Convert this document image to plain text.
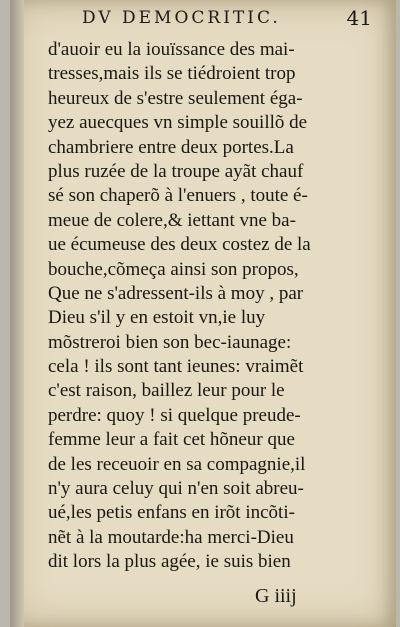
DV DEMOCRITIC.	41
d'auoir eu la iouïssance des mai-
tresses,mais ils se tiédroient trop
heureux de s'estre seulement éga-
yez auecques vn simple souillõ de
chambriere entre deux portes.La
plus ruzée de la troupe ayãt chauf
sé son chaperõ à l'enuers , toute é-
meue de colere,& iettant vne ba-
ue écumeuse des deux costez de la
bouche,cõmeça ainsi son propos,
Que ne s'adressent-ils à moy , par
Dieu s'il y en estoit vn,ie luy
mõstreroi bien son bec-iaunage:
cela ! ils sont tant ieunes: vraimẽt
c'est raison, baillez leur pour le
perdre: quoy ! si quelque preude-
femme leur a fait cet hõneur que
de les receuoir en sa compagnie,il
n'y aura celuy qui n'en soit abreu-
ué,les petis enfans en irõt incõti-
nẽt à la moutarde:ha merci-Dieu
dit lors la plus agée, ie suis bien
G iiij
